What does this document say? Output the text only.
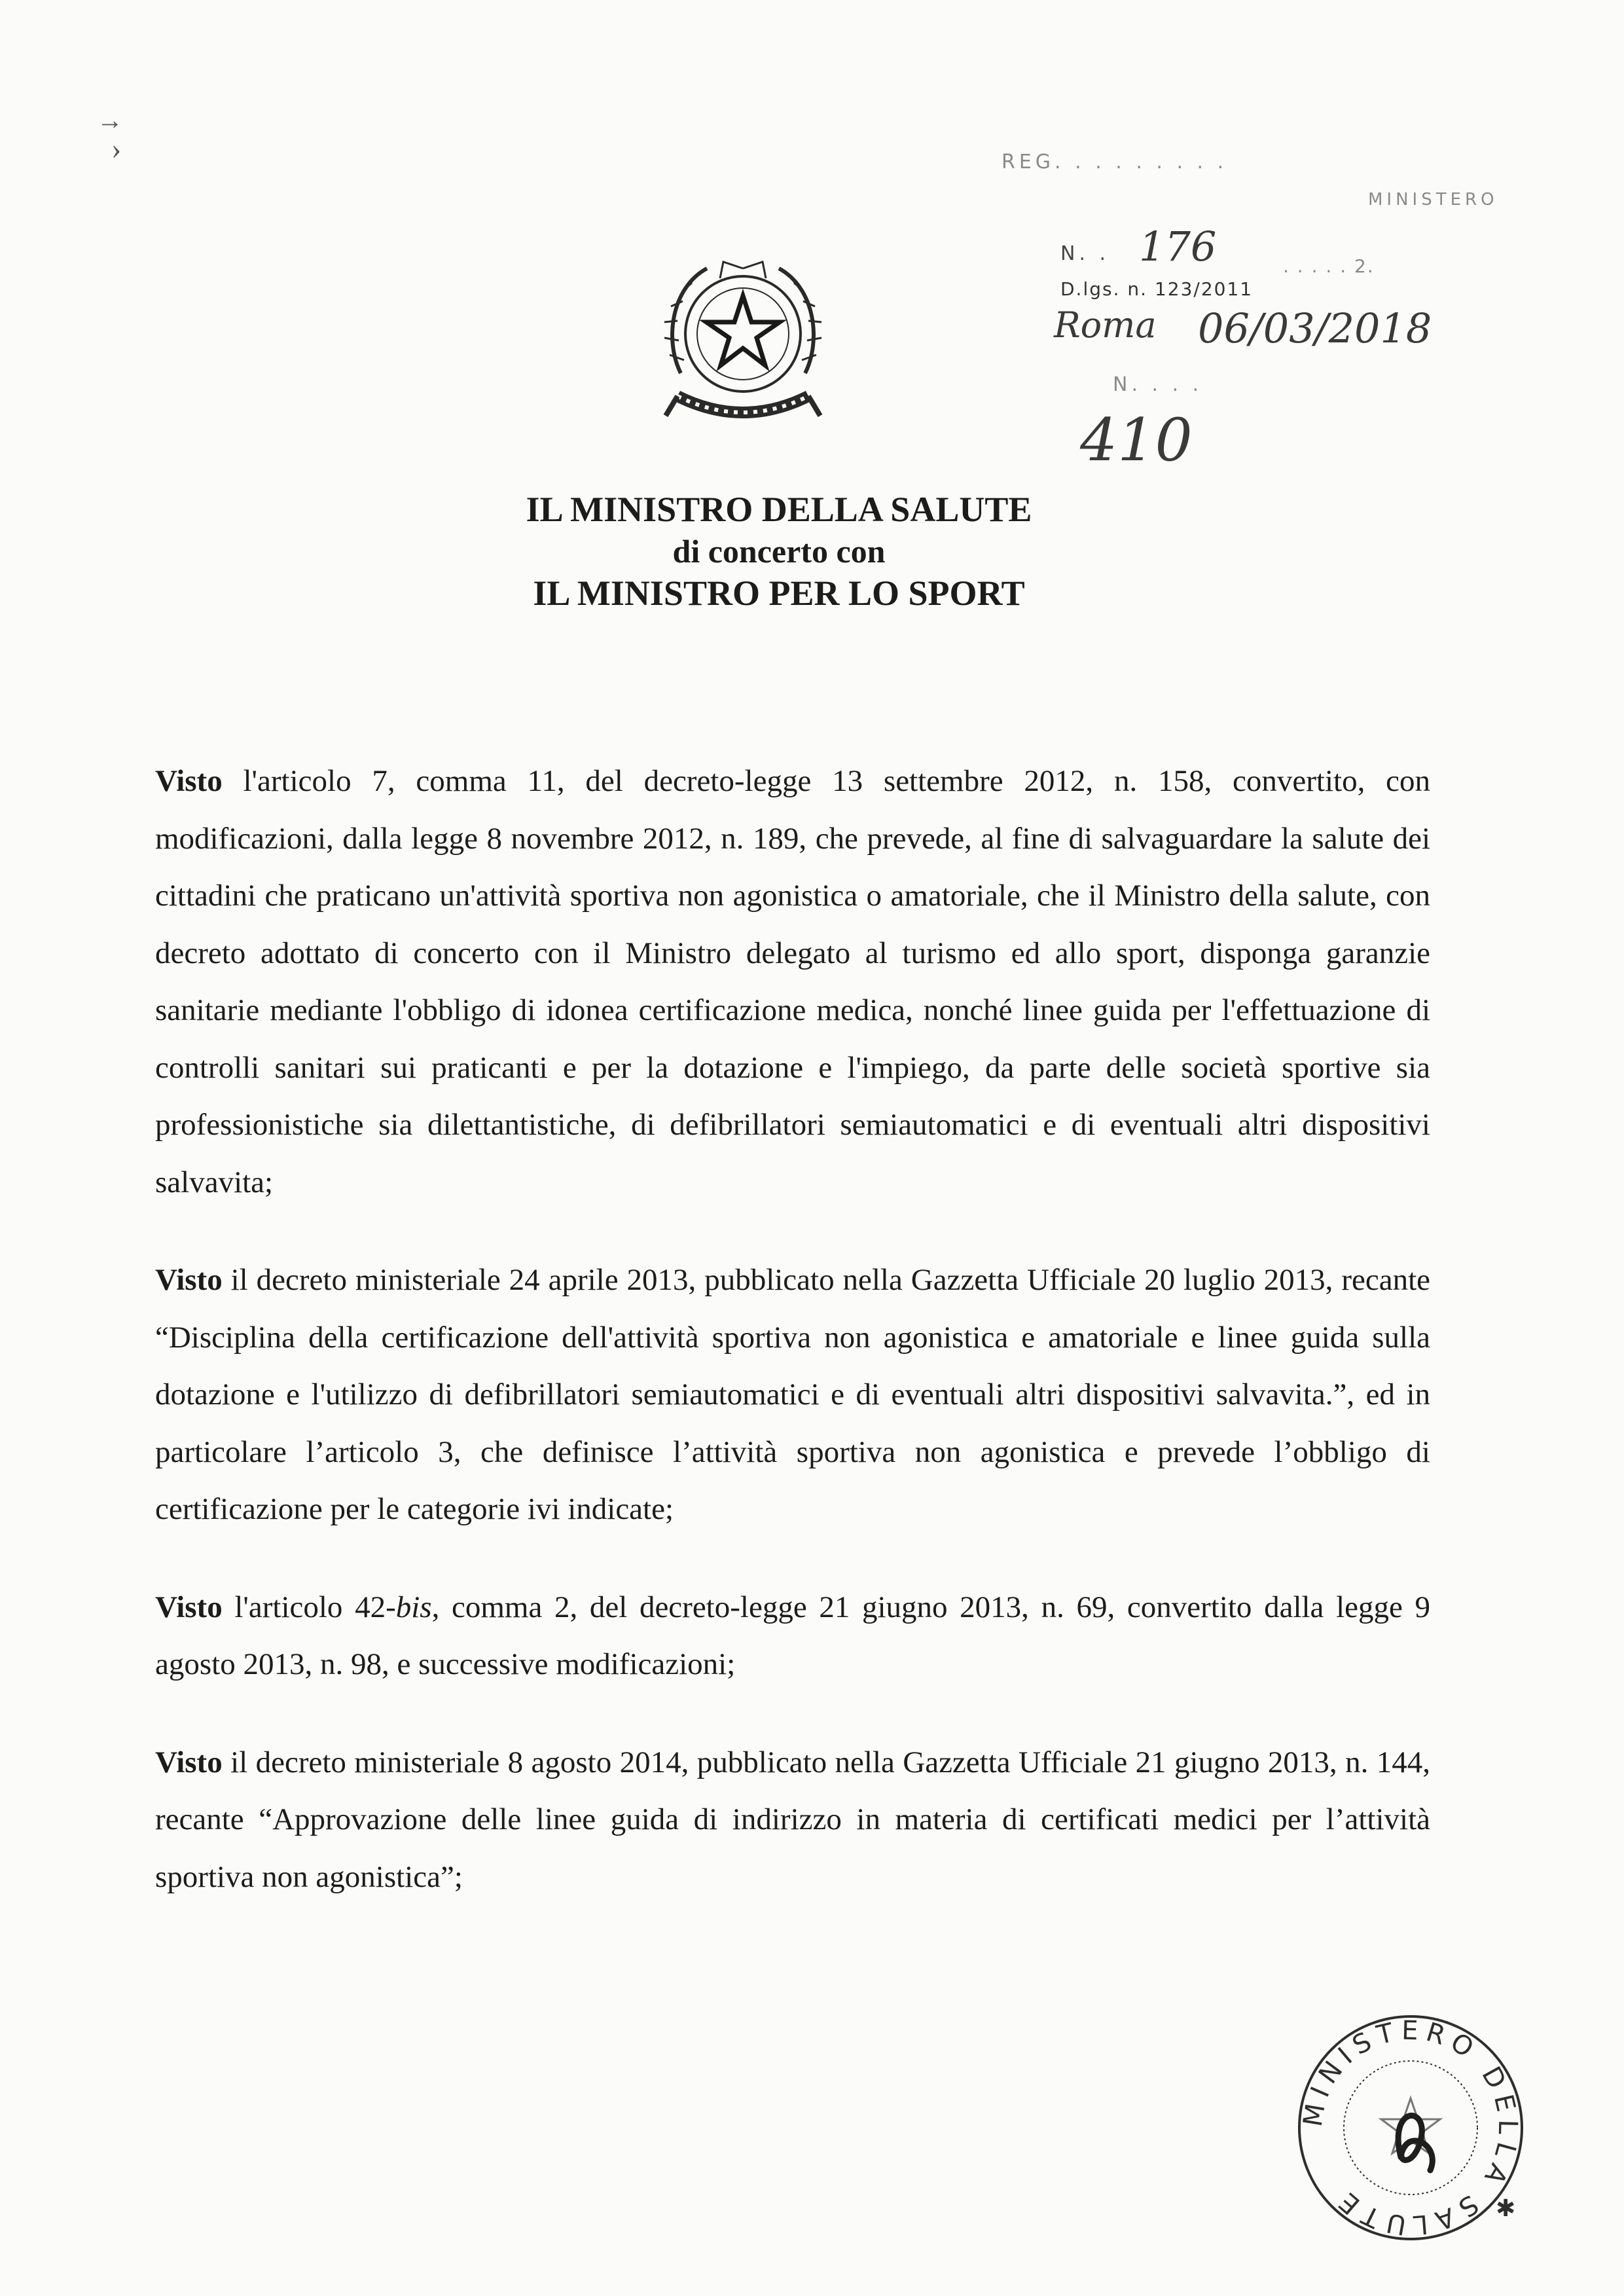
→
›	REG. . . . . . . . .
MINISTERO
N. . 176
D.lgs. n. 123/2011
. . . . . 2.
Roma 06/03/2018
N. . . .
410
IL MINISTRO DELLA SALUTE
di concerto con
IL MINISTRO PER LO SPORT

Visto l'articolo 7, comma 11, del decreto-legge 13 settembre 2012, n. 158, convertito, con modificazioni, dalla legge 8 novembre 2012, n. 189, che prevede, al fine di salvaguardare la salute dei cittadini che praticano un'attività sportiva non agonistica o amatoriale, che il Ministro della salute, con decreto adottato di concerto con il Ministro delegato al turismo ed allo sport, disponga garanzie sanitarie mediante l'obbligo di idonea certificazione medica, nonché linee guida per l'effettuazione di controlli sanitari sui praticanti e per la dotazione e l'impiego, da parte delle società sportive sia professionistiche sia dilettantistiche, di defibrillatori semiautomatici e di eventuali altri dispositivi salvavita;

Visto il decreto ministeriale 24 aprile 2013, pubblicato nella Gazzetta Ufficiale 20 luglio 2013, recante “Disciplina della certificazione dell'attività sportiva non agonistica e amatoriale e linee guida sulla dotazione e l'utilizzo di defibrillatori semiautomatici e di eventuali altri dispositivi salvavita.”, ed in particolare l’articolo 3, che definisce l’attività sportiva non agonistica e prevede l’obbligo di certificazione per le categorie ivi indicate;

Visto l'articolo 42-bis, comma 2, del decreto-legge 21 giugno 2013, n. 69, convertito dalla legge 9 agosto 2013, n. 98, e successive modificazioni;

Visto il decreto ministeriale 8 agosto 2014, pubblicato nella Gazzetta Ufficiale 21 giugno 2013, n. 144, recante “Approvazione delle linee guida di indirizzo in materia di certificati medici per l’attività sportiva non agonistica”;

MINISTERO DELLA SALUTE	✱
